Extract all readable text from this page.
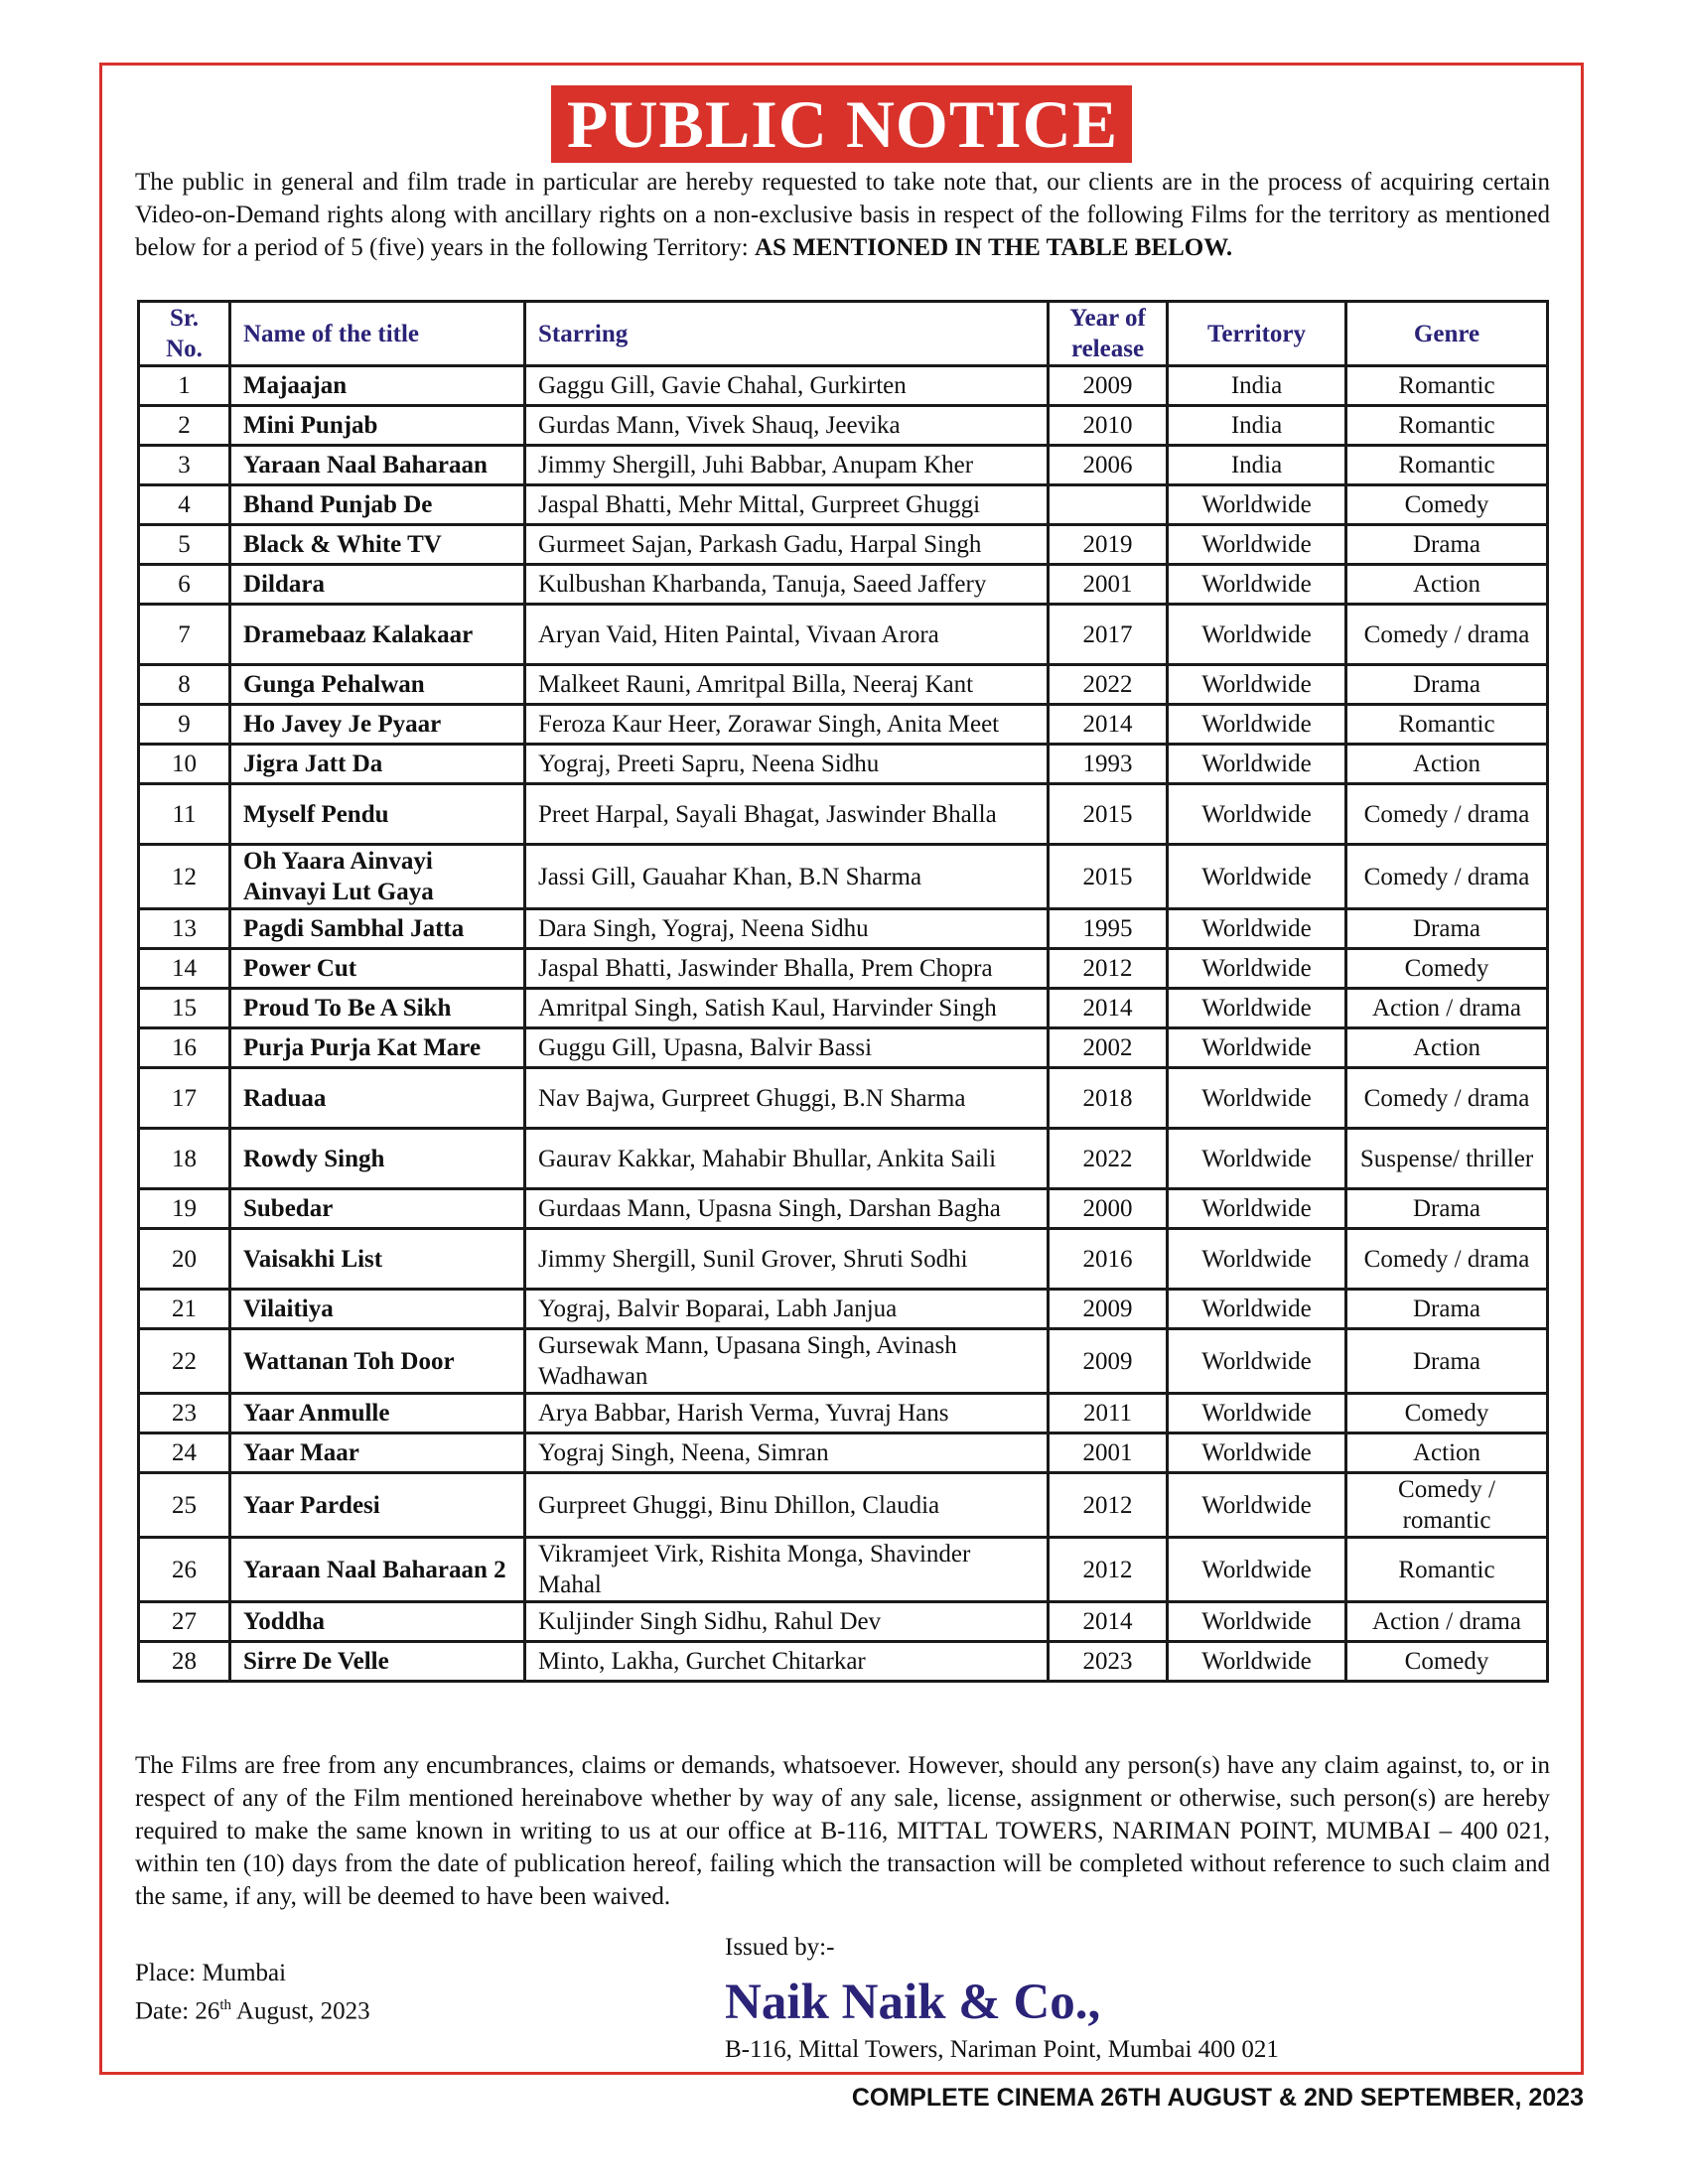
PUBLIC NOTICE
The public in general and film trade in particular are hereby requested to take note that, our clients are in the process of acquiring certain Video-on-Demand rights along with ancillary rights on a non-exclusive basis in respect of the following Films for the territory as mentioned below for a period of 5 (five) years in the following Territory: AS MENTIONED IN THE TABLE BELOW.
Sr. No.	Name of the title	Starring	Year of release	Territory	Genre
1	Majaajan	Gaggu Gill, Gavie Chahal, Gurkirten	2009	India	Romantic
2	Mini Punjab	Gurdas Mann, Vivek Shauq, Jeevika	2010	India	Romantic
3	Yaraan Naal Baharaan	Jimmy Shergill, Juhi Babbar, Anupam Kher	2006	India	Romantic
4	Bhand Punjab De	Jaspal Bhatti, Mehr Mittal, Gurpreet Ghuggi		Worldwide	Comedy
5	Black & White TV	Gurmeet Sajan, Parkash Gadu, Harpal Singh	2019	Worldwide	Drama
6	Dildara	Kulbushan Kharbanda, Tanuja, Saeed Jaffery	2001	Worldwide	Action
7	Dramebaaz Kalakaar	Aryan Vaid, Hiten Paintal, Vivaan Arora	2017	Worldwide	Comedy / drama
8	Gunga Pehalwan	Malkeet Rauni, Amritpal Billa, Neeraj Kant	2022	Worldwide	Drama
9	Ho Javey Je Pyaar	Feroza Kaur Heer, Zorawar Singh, Anita Meet	2014	Worldwide	Romantic
10	Jigra Jatt Da	Yograj, Preeti Sapru, Neena Sidhu	1993	Worldwide	Action
11	Myself Pendu	Preet Harpal, Sayali Bhagat, Jaswinder Bhalla	2015	Worldwide	Comedy / drama
12	Oh Yaara Ainvayi Ainvayi Lut Gaya	Jassi Gill, Gauahar Khan, B.N Sharma	2015	Worldwide	Comedy / drama
13	Pagdi Sambhal Jatta	Dara Singh, Yograj, Neena Sidhu	1995	Worldwide	Drama
14	Power Cut	Jaspal Bhatti, Jaswinder Bhalla, Prem Chopra	2012	Worldwide	Comedy
15	Proud To Be A Sikh	Amritpal Singh, Satish Kaul, Harvinder Singh	2014	Worldwide	Action / drama
16	Purja Purja Kat Mare	Guggu Gill, Upasna, Balvir Bassi	2002	Worldwide	Action
17	Raduaa	Nav Bajwa, Gurpreet Ghuggi, B.N Sharma	2018	Worldwide	Comedy / drama
18	Rowdy Singh	Gaurav Kakkar, Mahabir Bhullar, Ankita Saili	2022	Worldwide	Suspense/ thriller
19	Subedar	Gurdaas Mann, Upasna Singh, Darshan Bagha	2000	Worldwide	Drama
20	Vaisakhi List	Jimmy Shergill, Sunil Grover, Shruti Sodhi	2016	Worldwide	Comedy / drama
21	Vilaitiya	Yograj, Balvir Boparai, Labh Janjua	2009	Worldwide	Drama
22	Wattanan Toh Door	Gursewak Mann, Upasana Singh, Avinash Wadhawan	2009	Worldwide	Drama
23	Yaar Anmulle	Arya Babbar, Harish Verma, Yuvraj Hans	2011	Worldwide	Comedy
24	Yaar Maar	Yograj Singh, Neena, Simran	2001	Worldwide	Action
25	Yaar Pardesi	Gurpreet Ghuggi, Binu Dhillon, Claudia	2012	Worldwide	Comedy / romantic
26	Yaraan Naal Baharaan 2	Vikramjeet Virk, Rishita Monga, Shavinder Mahal	2012	Worldwide	Romantic
27	Yoddha	Kuljinder Singh Sidhu, Rahul Dev	2014	Worldwide	Action / drama
28	Sirre De Velle	Minto, Lakha, Gurchet Chitarkar	2023	Worldwide	Comedy
The Films are free from any encumbrances, claims or demands, whatsoever. However, should any person(s) have any claim against, to, or in respect of any of the Film mentioned hereinabove whether by way of any sale, license, assignment or otherwise, such person(s) are hereby required to make the same known in writing to us at our office at B-116, MITTAL TOWERS, NARIMAN POINT, MUMBAI – 400 021, within ten (10) days from the date of publication hereof, failing which the transaction will be completed without reference to such claim and the same, if any, will be deemed to have been waived.
Place: Mumbai
Date: 26th August, 2023
Issued by:-
Naik Naik & Co.,
B-116, Mittal Towers, Nariman Point, Mumbai 400 021
COMPLETE CINEMA 26TH AUGUST & 2ND SEPTEMBER, 2023
